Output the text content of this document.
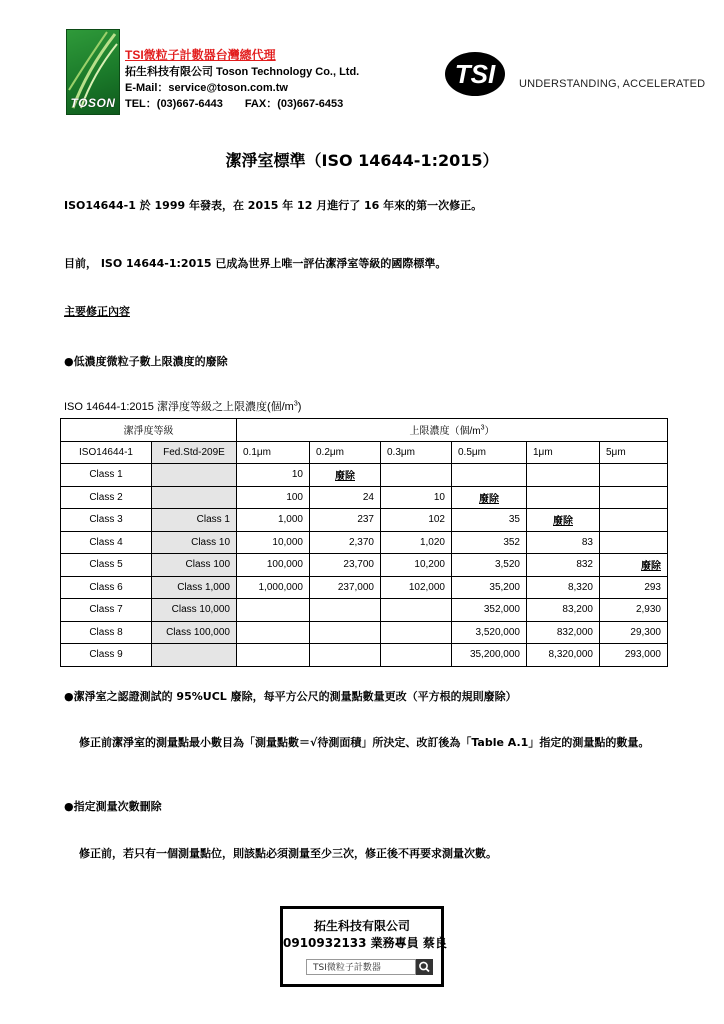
TOSON
TSI微粒子計數器台灣總代理
拓生科技有限公司 Toson Technology Co., Ltd.
E-Mail：service@toson.com.tw
TEL：(03)667-6443　　FAX：(03)667-6453
TSI UNDERSTANDING, ACCELERATED
潔淨室標準（ISO 14644-1:2015）
ISO14644-1 於 1999 年發表，在 2015 年 12 月進行了 16 年來的第一次修正。
目前， ISO 14644-1:2015 已成為世界上唯一評估潔淨室等級的國際標準。
主要修正內容
●低濃度微粒子數上限濃度的廢除
ISO 14644-1:2015 潔淨度等級之上限濃度(個$/m^3$)
潔淨度等級		上限濃度（個$/m^3$）					
ISO14644-1	Fed.Std-209E	0.1μm	0.2μm	0.3μm	0.5μm	1μm	5μm
Class 1		10	廢除				
Class 2		100	24	10	廢除		
Class 3	Class 1	1,000	237	102	35	廢除	
Class 4	Class 10	10,000	2,370	1,020	352	83	
Class 5	Class 100	100,000	23,700	10,200	3,520	832	廢除
Class 6	Class 1,000	1,000,000	237,000	102,000	35,200	8,320	293
Class 7	Class 10,000				352,000	83,200	2,930
Class 8	Class 100,000				3,520,000	832,000	29,300
Class 9					35,200,000	8,320,000	293,000
●潔淨室之認證測試的 95%UCL 廢除，每平方公尺的測量點數量更改（平方根的規則廢除）
修正前潔淨室的測量點最小數目為「測量點數＝√待測面積」所決定、改訂後為「Table A.1」指定的測量點的數量。
●指定測量次數刪除
修正前，若只有一個測量點位，則該點必須測量至少三次，修正後不再要求測量次數。
拓生科技有限公司
0910932133 業務專員 蔡良
TSI微粒子計數器
